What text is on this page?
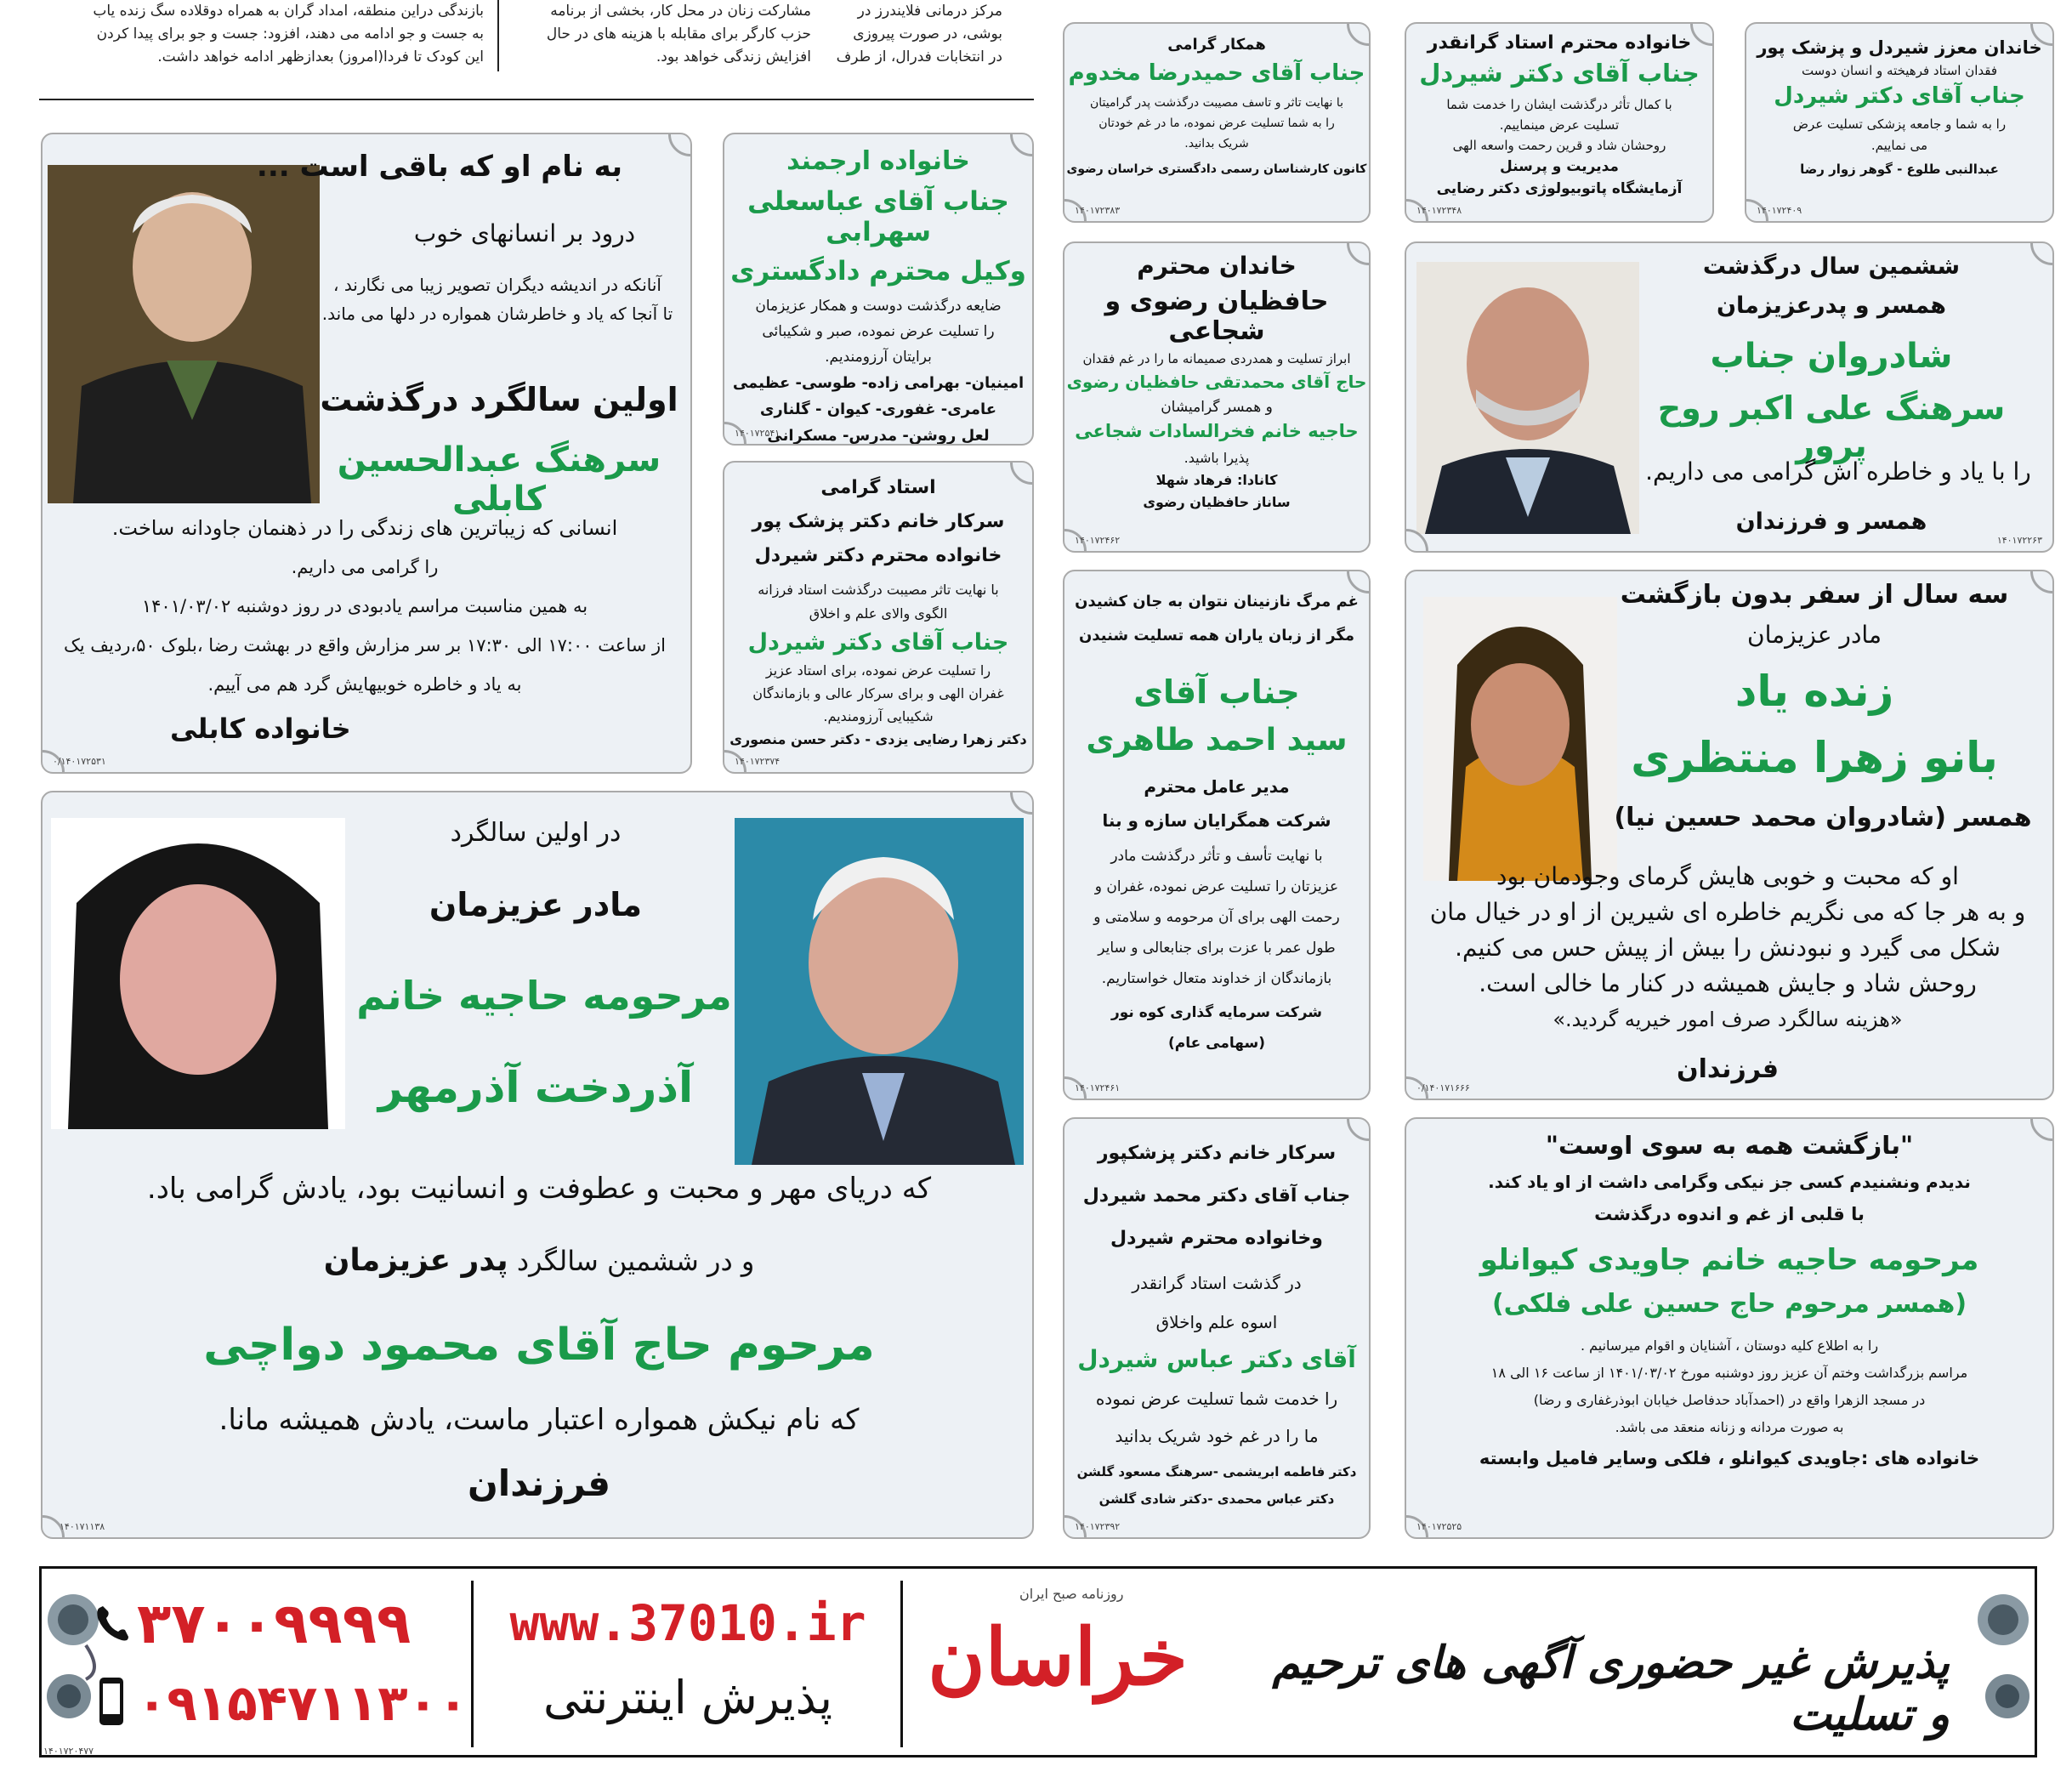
مرکز درمانی فلایندرز در
بوشی، در صورت پیروزی
در انتخابات فدرال، از طرف
مشارکت زنان در محل کار، بخشی از برنامه
حزب کارگر برای مقابله با هزینه های در حال
افزایش زندگی خواهد بود.
بازندگی دراین منطقه، امداد گران به همراه دوقلاده سگ زنده یاب
به جست و جو ادامه می دهند، افزود: جست و جو برای پیدا کردن
این کودک تا فردا(امروز) بعدازظهر ادامه خواهد داشت.
به نام او که باقی است ...
درود بر انسانهای خوب
آنانکه در اندیشه دیگران تصویر زیبا می نگارند ،
تا آنجا که یاد و خاطرشان همواره در دلها می ماند.
اولین سالگرد درگذشت
سرهنگ عبدالحسین کابلی
انسانی که زیباترین های زندگی را در ذهنمان جاودانه ساخت.
را گرامی می داریم.
به همین مناسبت مراسم یادبودی در روز دوشنبه ۱۴۰۱/۰۳/۰۲
از ساعت ۱۷:۰۰ الی ۱۷:۳۰ بر سر مزارش واقع در بهشت رضا ،بلوک ۵۰،ردیف یک
به یاد و خاطره خوبیهایش گرد هم می آییم.
خانواده کابلی
۰/۱۴۰۱۷۲۵۳۱
خانواده ارجمند
جناب آقای عباسعلی سهرابی
وکیل محترم دادگستری
ضایعه درگذشت دوست و همکار عزیزمان
را تسلیت عرض نموده، صبر و شکیبائی
برایتان آرزومندیم.
امینیان- بهرامی زاده- طوسی- عظیمی
عامری- غفوری- کیوان - گلناری
لعل روشن- مدرس- مسکرانی
۱۴۰۱۷۲۵۴۱
استاد گرامی
سرکار خانم دکتر پزشک پور
خانواده محترم دکتر شیردل
با نهایت تاثر مصیبت درگذشت استاد فرزانه
الگوی والای علم و اخلاق
جناب آقای دکتر شیردل
را تسلیت عرض نموده، برای استاد عزیز
غفران الهی و برای سرکار عالی و بازماندگان
شکیبایی آرزومندیم.
دکتر زهرا رضایی یزدی - دکتر حسن منصوری
۱۴۰۱۷۲۳۷۴
همکار گرامی
جناب آقای حمیدرضا مخدوم
با نهایت تاثر و تاسف مصیبت درگذشت پدر گرامیتان
را به شما تسلیت عرض نموده، ما در غم خودتان
شریک بدانید.
کانون کارشناسان رسمی دادگستری خراسان رضوی
۱۴۰۱۷۲۳۸۳
خانواده محترم استاد گرانقدر
جناب آقای دکتر شیردل
با کمال تأثر درگذشت ایشان را خدمت شما
تسلیت عرض مینماییم.
روحشان شاد و قرین رحمت واسعه الهی
مدیریت و پرسنل
آزمایشگاه پاتوبیولوژی دکتر رضایی
۱۴۰۱۷۲۳۴۸
خاندان معزز شیردل و پزشک پور
فقدان استاد فرهیخته و انسان دوست
جناب آقای دکتر شیردل
را به شما و جامعه پزشکی تسلیت عرض
می نماییم.
عبدالنبی طلوع - گوهر زوار رضا
۱۴۰۱۷۲۴۰۹
خاندان محترم
حافظیان رضوی و شجاعی
ابراز تسلیت و همدردی صمیمانه ما را در غم فقدان
حاج آقای محمدتقی حافظیان رضوی
و همسر گرامیشان
حاجیه خانم فخرالسادات شجاعی
پذیرا باشید.
کانادا: فرهاد شهلا
ساناز حافظیان رضوی
۱۴۰۱۷۲۴۶۲
ششمین سال درگذشت
همسر و پدرعزیزمان
شادروان جناب
سرهنگ علی اکبر روح پرور
را با یاد و خاطره اش گرامی می داریم.
همسر و فرزندان
۱۴۰۱۷۲۲۶۳
غم مرگ نازنینان نتوان به جان کشیدن
مگر از زبان یاران همه تسلیت شنیدن
جناب آقای
سید احمد طاهری
مدیر عامل محترم
شرکت همگرایان سازه و بنا
با نهایت تأسف و تأثر درگذشت مادر
عزیزتان را تسلیت عرض نموده، غفران و
رحمت الهی برای آن مرحومه و سلامتی و
طول عمر با عزت برای جنابعالی و سایر
بازماندگان از خداوند متعال خواستاریم.
شرکت سرمایه گذاری کوه نور
(سهامی عام)
۱۴۰۱۷۲۴۶۱
سه سال از سفر بدون بازگشت
مادر عزیزمان
زنده یاد
بانو زهرا منتظری
همسر (شادروان محمد حسین نیا)
او که محبت و خوبی هایش گرمای وجودمان بود
و به هر جا که می نگریم خاطره ای شیرین از او در خیال مان
شکل می گیرد و نبودنش را بیش از پیش حس می کنیم.
روحش شاد و جایش همیشه در کنار ما خالی است.
«هزینه سالگرد صرف امور خیریه گردید.»
فرزندان
۰/۱۴۰۱۷۱۶۶۶
در اولین سالگرد
مادر عزیزمان
مرحومه حاجیه خانم
آذردخت آذرمهر
که دریای مهر و محبت و عطوفت و انسانیت بود، یادش گرامی باد.
و در ششمین سالگرد پدر عزیزمان
مرحوم حاج آقای محمود دواچی
که نام نیکش همواره اعتبار ماست، یادش همیشه مانا.
فرزندان
۱۴۰۱۷۱۱۳۸
سرکار خانم دکتر پزشکپور
جناب آقای دکتر محمد شیردل
وخانواده محترم شیردل
در گذشت استاد گرانقدر
اسوه علم واخلاق
آقای دکتر عباس شیردل
را خدمت شما تسلیت عرض نموده
ما را در غم خود شریک بدانید
دکتر فاطمه ابریشمی -سرهنگ مسعود گلشن
دکتر عباس محمدی -دکتر شادی گلشن
۱۴۰۱۷۲۳۹۲
"بازگشت همه به سوی اوست"
ندیدم ونشنیدم کسی جز نیکی وگرامی داشت از او یاد کند.
با قلبی از غم و اندوه درگذشت
مرحومه حاجیه خانم جاویدی کیوانلو
(همسر مرحوم حاج حسین علی فلکی)
را به اطلاع کلیه دوستان ، آشنایان و اقوام میرسانیم .
مراسم بزرگداشت وختم آن عزیز روز دوشنبه مورخ ۱۴۰۱/۰۳/۰۲ از ساعت ۱۶ الی ۱۸
در مسجد الزهرا واقع در (احمدآباد حدفاصل خیابان ابوذرغفاری و رضا)
به صورت مردانه و زنانه منعقد می باشد.
خانواده های :جاویدی کیوانلو ، فلکی وسایر فامیل وابسته
۱۴۰۱۷۲۵۲۵
پذیرش غیر حضوری آگهی های ترحیم و تسلیت
روزنامه صبح ایران
خراسان
www.37010.ir
پذیرش اینترنتی
۳۷۰۰۹۹۹۹
۰۹۱۵۴۷۱۱۳۰۰
۱۴۰۱۷۲۰۴۷۷
